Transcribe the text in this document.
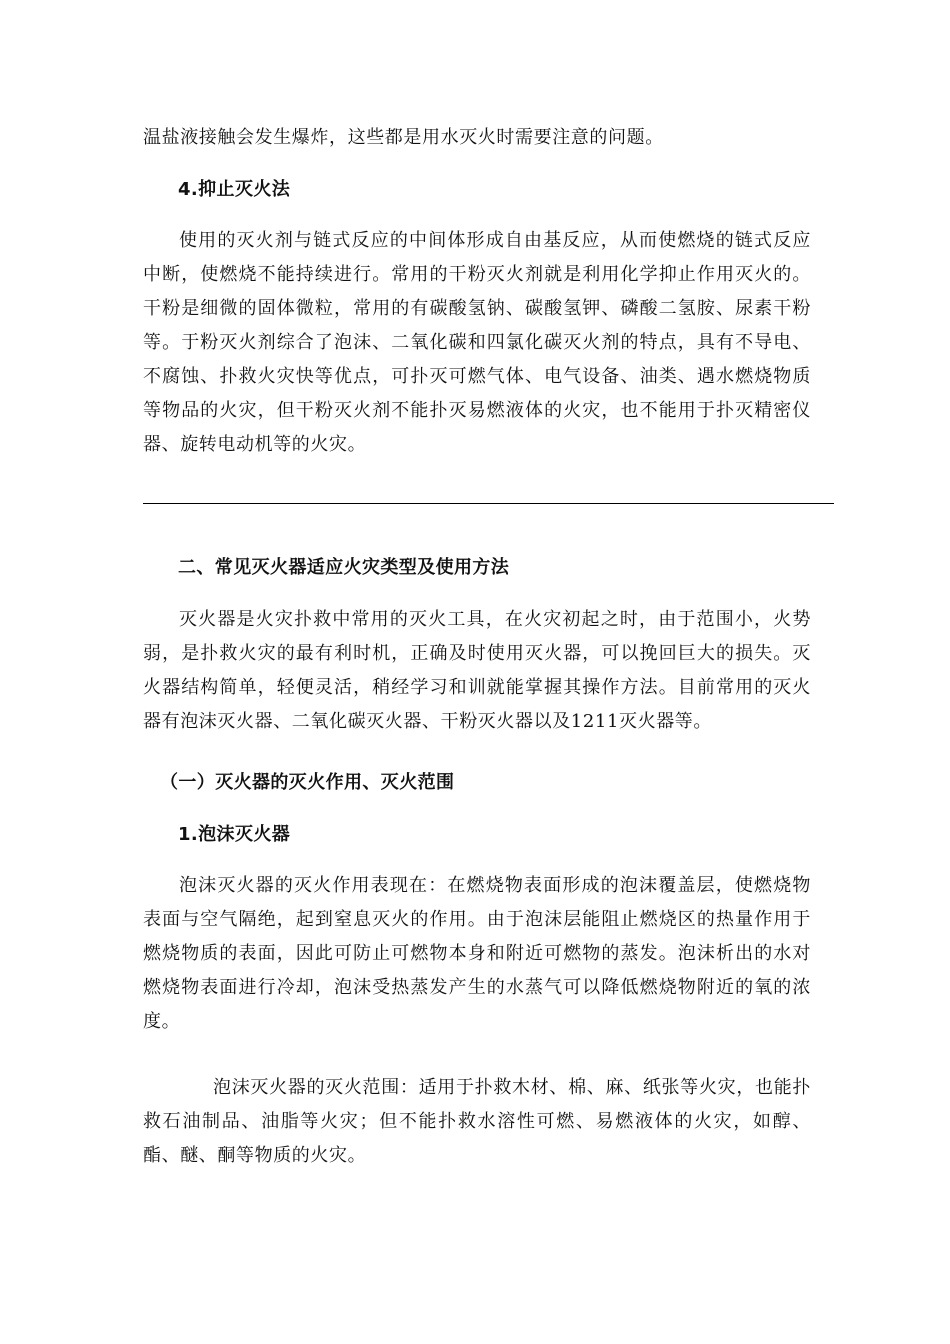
温盐液接触会发生爆炸，这些都是用水灭火时需要注意的问题。

4.抑止灭火法

使用的灭火剂与链式反应的中间体形成自由基反应，从而使燃烧的链式反应中断，使燃烧不能持续进行。常用的干粉灭火剂就是利用化学抑止作用灭火的。干粉是细微的固体微粒，常用的有碳酸氢钠、碳酸氢钾、磷酸二氢胺、尿素干粉等。于粉灭火剂综合了泡沫、二氧化碳和四氯化碳灭火剂的特点，具有不导电、不腐蚀、扑救火灾快等优点，可扑灭可燃气体、电气设备、油类、遇水燃烧物质等物品的火灾，但干粉灭火剂不能扑灭易燃液体的火灾，也不能用于扑灭精密仪器、旋转电动机等的火灾。

二、常见灭火器适应火灾类型及使用方法

灭火器是火灾扑救中常用的灭火工具，在火灾初起之时，由于范围小，火势弱，是扑救火灾的最有利时机，正确及时使用灭火器，可以挽回巨大的损失。灭火器结构简单，轻便灵活，稍经学习和训就能掌握其操作方法。目前常用的灭火器有泡沫灭火器、二氧化碳灭火器、干粉灭火器以及1211灭火器等。

（一）灭火器的灭火作用、灭火范围
1.泡沫灭火器

泡沫灭火器的灭火作用表现在：在燃烧物表面形成的泡沫覆盖层，使燃烧物表面与空气隔绝，起到窒息灭火的作用。由于泡沫层能阻止燃烧区的热量作用于燃烧物质的表面，因此可防止可燃物本身和附近可燃物的蒸发。泡沫析出的水对燃烧物表面进行冷却，泡沫受热蒸发产生的水蒸气可以降低燃烧物附近的氧的浓度。

泡沫灭火器的灭火范围：适用于扑救木材、棉、麻、纸张等火灾，也能扑救石油制品、油脂等火灾；但不能扑救水溶性可燃、易燃液体的火灾，如醇、酯、醚、酮等物质的火灾。
